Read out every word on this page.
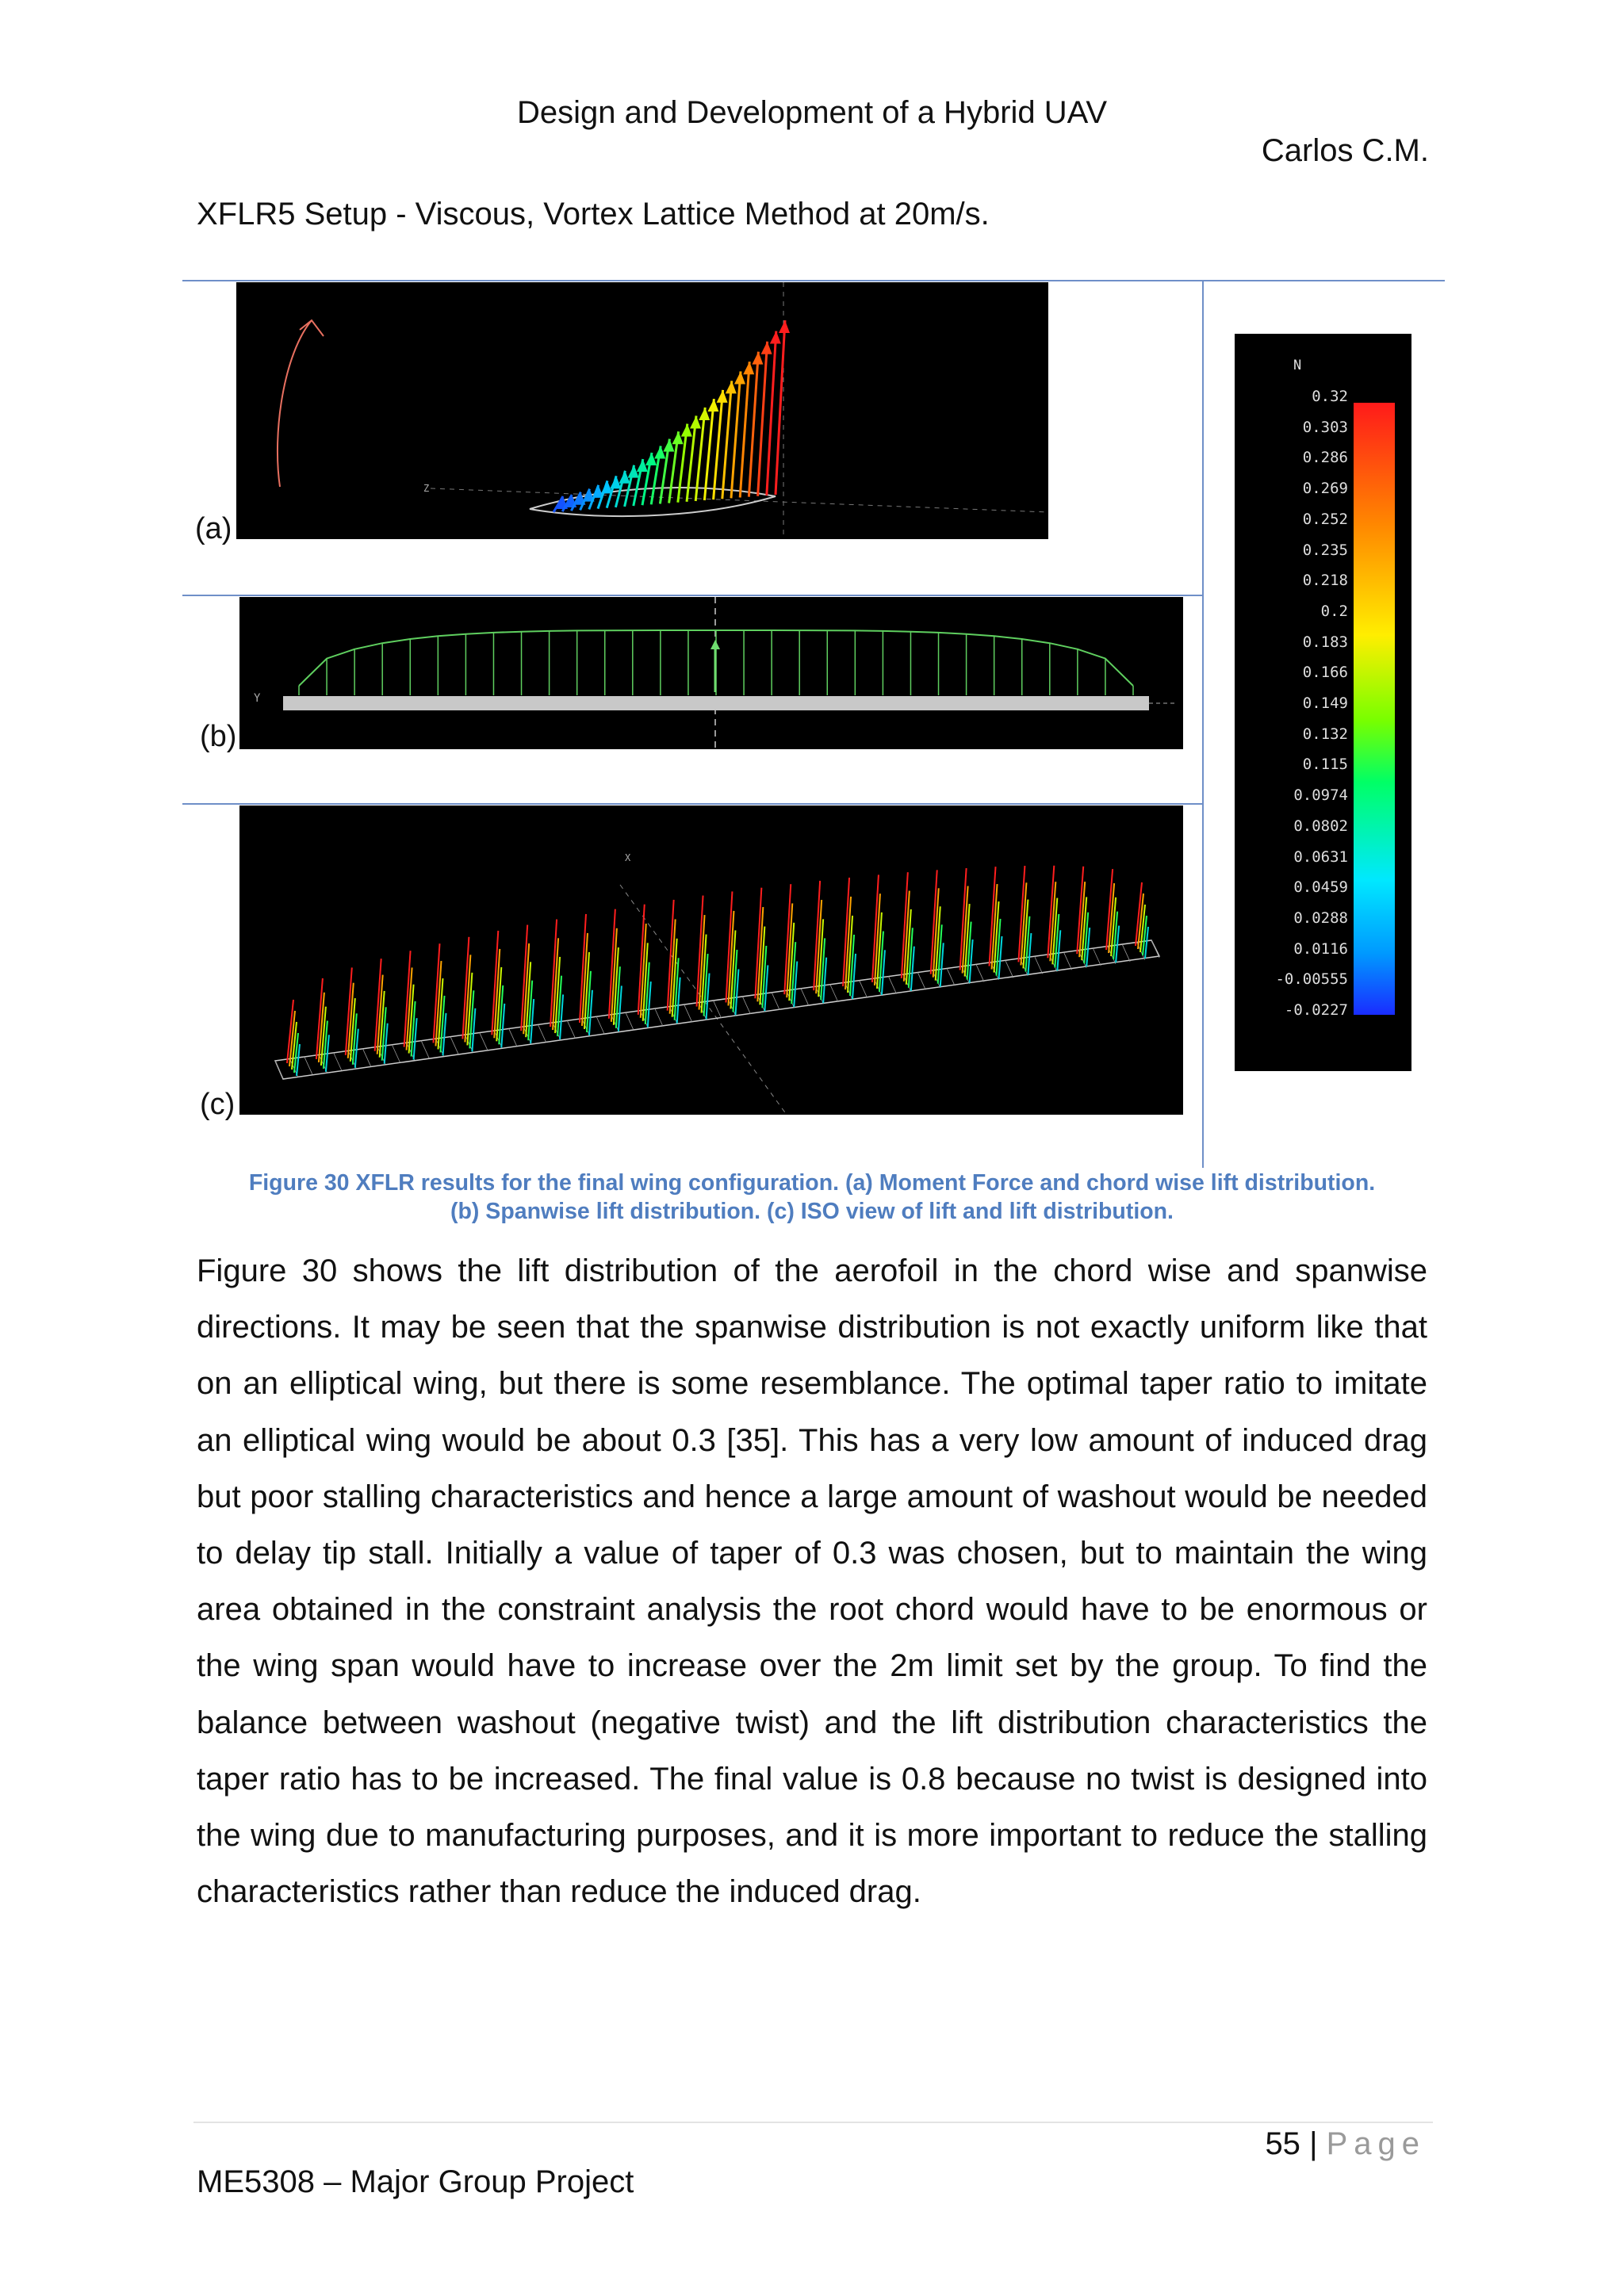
Design and Development of a Hybrid UAV
Carlos C.M.
XFLR5 Setup - Viscous, Vortex Lattice Method at 20m/s.
Z
(a)
Y
(b)
X
(c)
N
0.32
0.303
0.286
0.269
0.252
0.235
0.218
0.2
0.183
0.166
0.149
0.132
0.115
0.0974
0.0802
0.0631
0.0459
0.0288
0.0116
-0.00555
-0.0227
Figure 30 XFLR results for the final wing configuration. (a) Moment Force and chord wise lift distribution.
(b) Spanwise lift distribution. (c) ISO view of lift and lift distribution.
Figure 30 shows the lift distribution of the aerofoil in the chord wise and spanwise directions. It may be seen that the spanwise distribution is not exactly uniform like that on an elliptical wing, but there is some resemblance. The optimal taper ratio to imitate an elliptical wing would be about 0.3 [35]. This has a very low amount of induced drag but poor stalling characteristics and hence a large amount of washout would be needed to delay tip stall. Initially a value of taper of 0.3 was chosen, but to maintain the wing area obtained in the constraint analysis the root chord would have to be enormous or the wing span would have to increase over the 2m limit set by the group. To find the balance between washout (negative twist) and the lift distribution characteristics the taper ratio has to be increased. The final value is 0.8 because no twist is designed into the wing due to manufacturing purposes, and it is more important to reduce the stalling characteristics rather than reduce the induced drag.
55 | Page
ME5308 – Major Group Project
